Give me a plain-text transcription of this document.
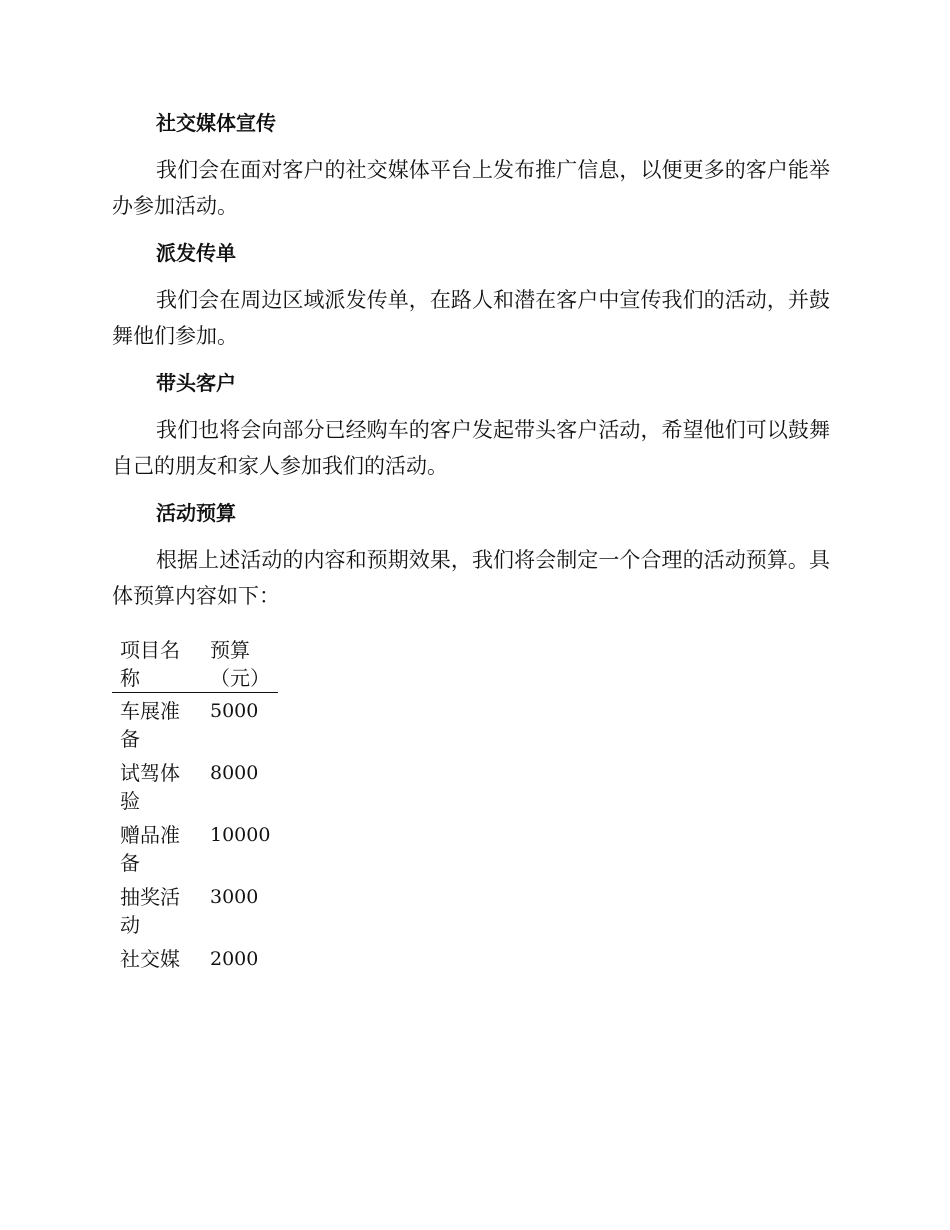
社交媒体宣传

我们会在面对客户的社交媒体平台上发布推广信息，以便更多的客户能举办参加活动。

派发传单

我们会在周边区域派发传单，在路人和潜在客户中宣传我们的活动，并鼓舞他们参加。

带头客户

我们也将会向部分已经购车的客户发起带头客户活动，希望他们可以鼓舞自己的朋友和家人参加我们的活动。

活动预算

根据上述活动的内容和预期效果，我们将会制定一个合理的活动预算。具体预算内容如下：

项目名称	预算（元）
车展准备	5000
试驾体验	8000
赠品准备	10000
抽奖活动	3000
社交媒	2000
